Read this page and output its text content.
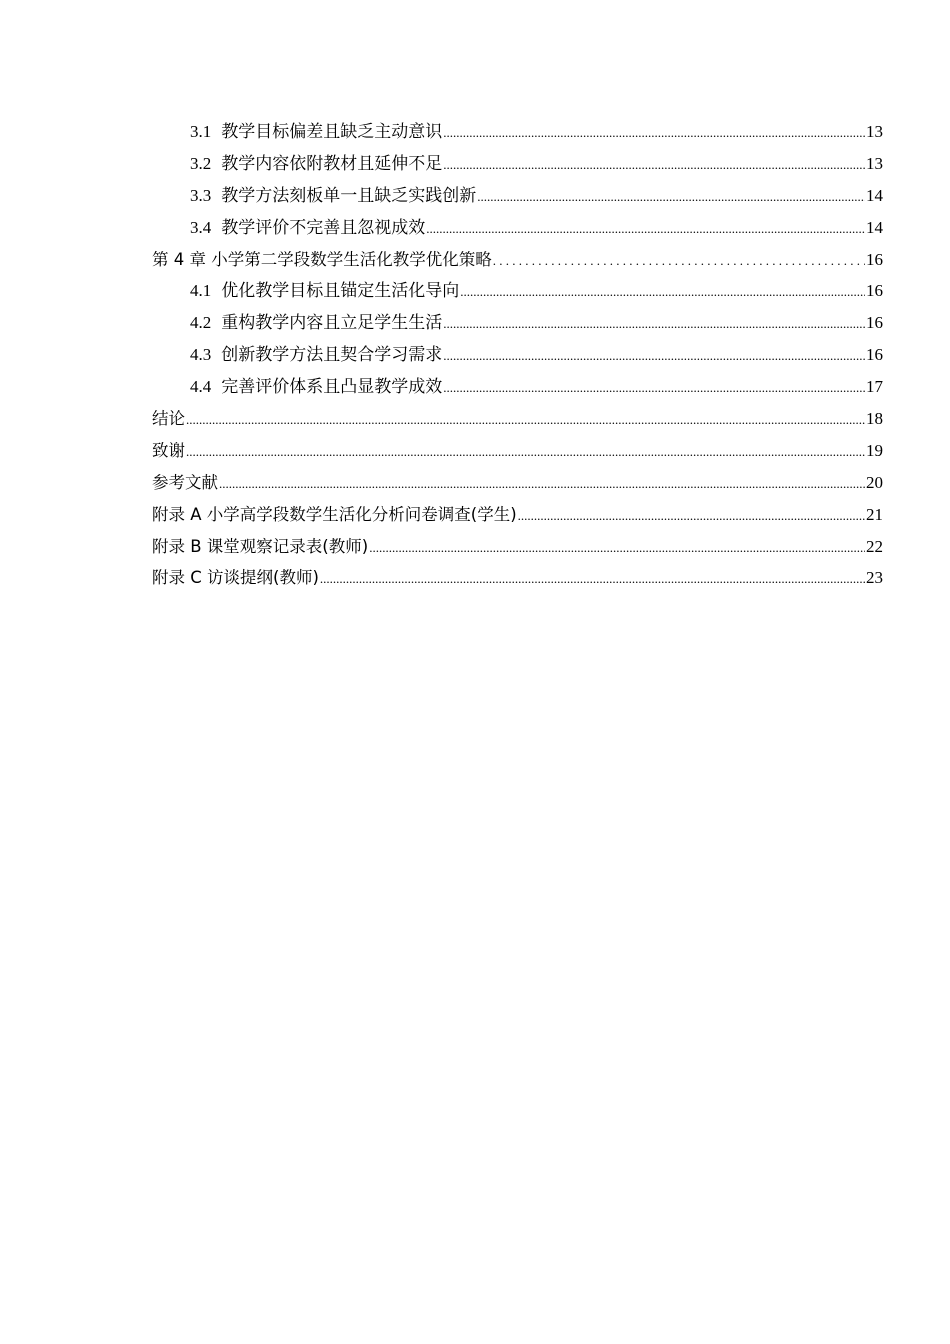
3.1 教学目标偏差且缺乏主动意识 .....	13
3.2 教学内容依附教材且延伸不足 .....	13
3.3 教学方法刻板单一且缺乏实践创新 .....	14
3.4 教学评价不完善且忽视成效 .....	14
第 4 章 小学第二学段数学生活化教学优化策略 . . .	16
4.1 优化教学目标且锚定生活化导向 .....	16
4.2 重构教学内容且立足学生生活 .....	16
4.3 创新教学方法且契合学习需求 .....	16
4.4 完善评价体系且凸显教学成效 .....	17
结论 .....	18
致谢 .....	19
参考文献 .....	20
附录 A 小学高学段数学生活化分析问卷调查(学生) .....	21
附录 B 课堂观察记录表(教师) .....	22
附录 C 访谈提纲(教师) .....	23
